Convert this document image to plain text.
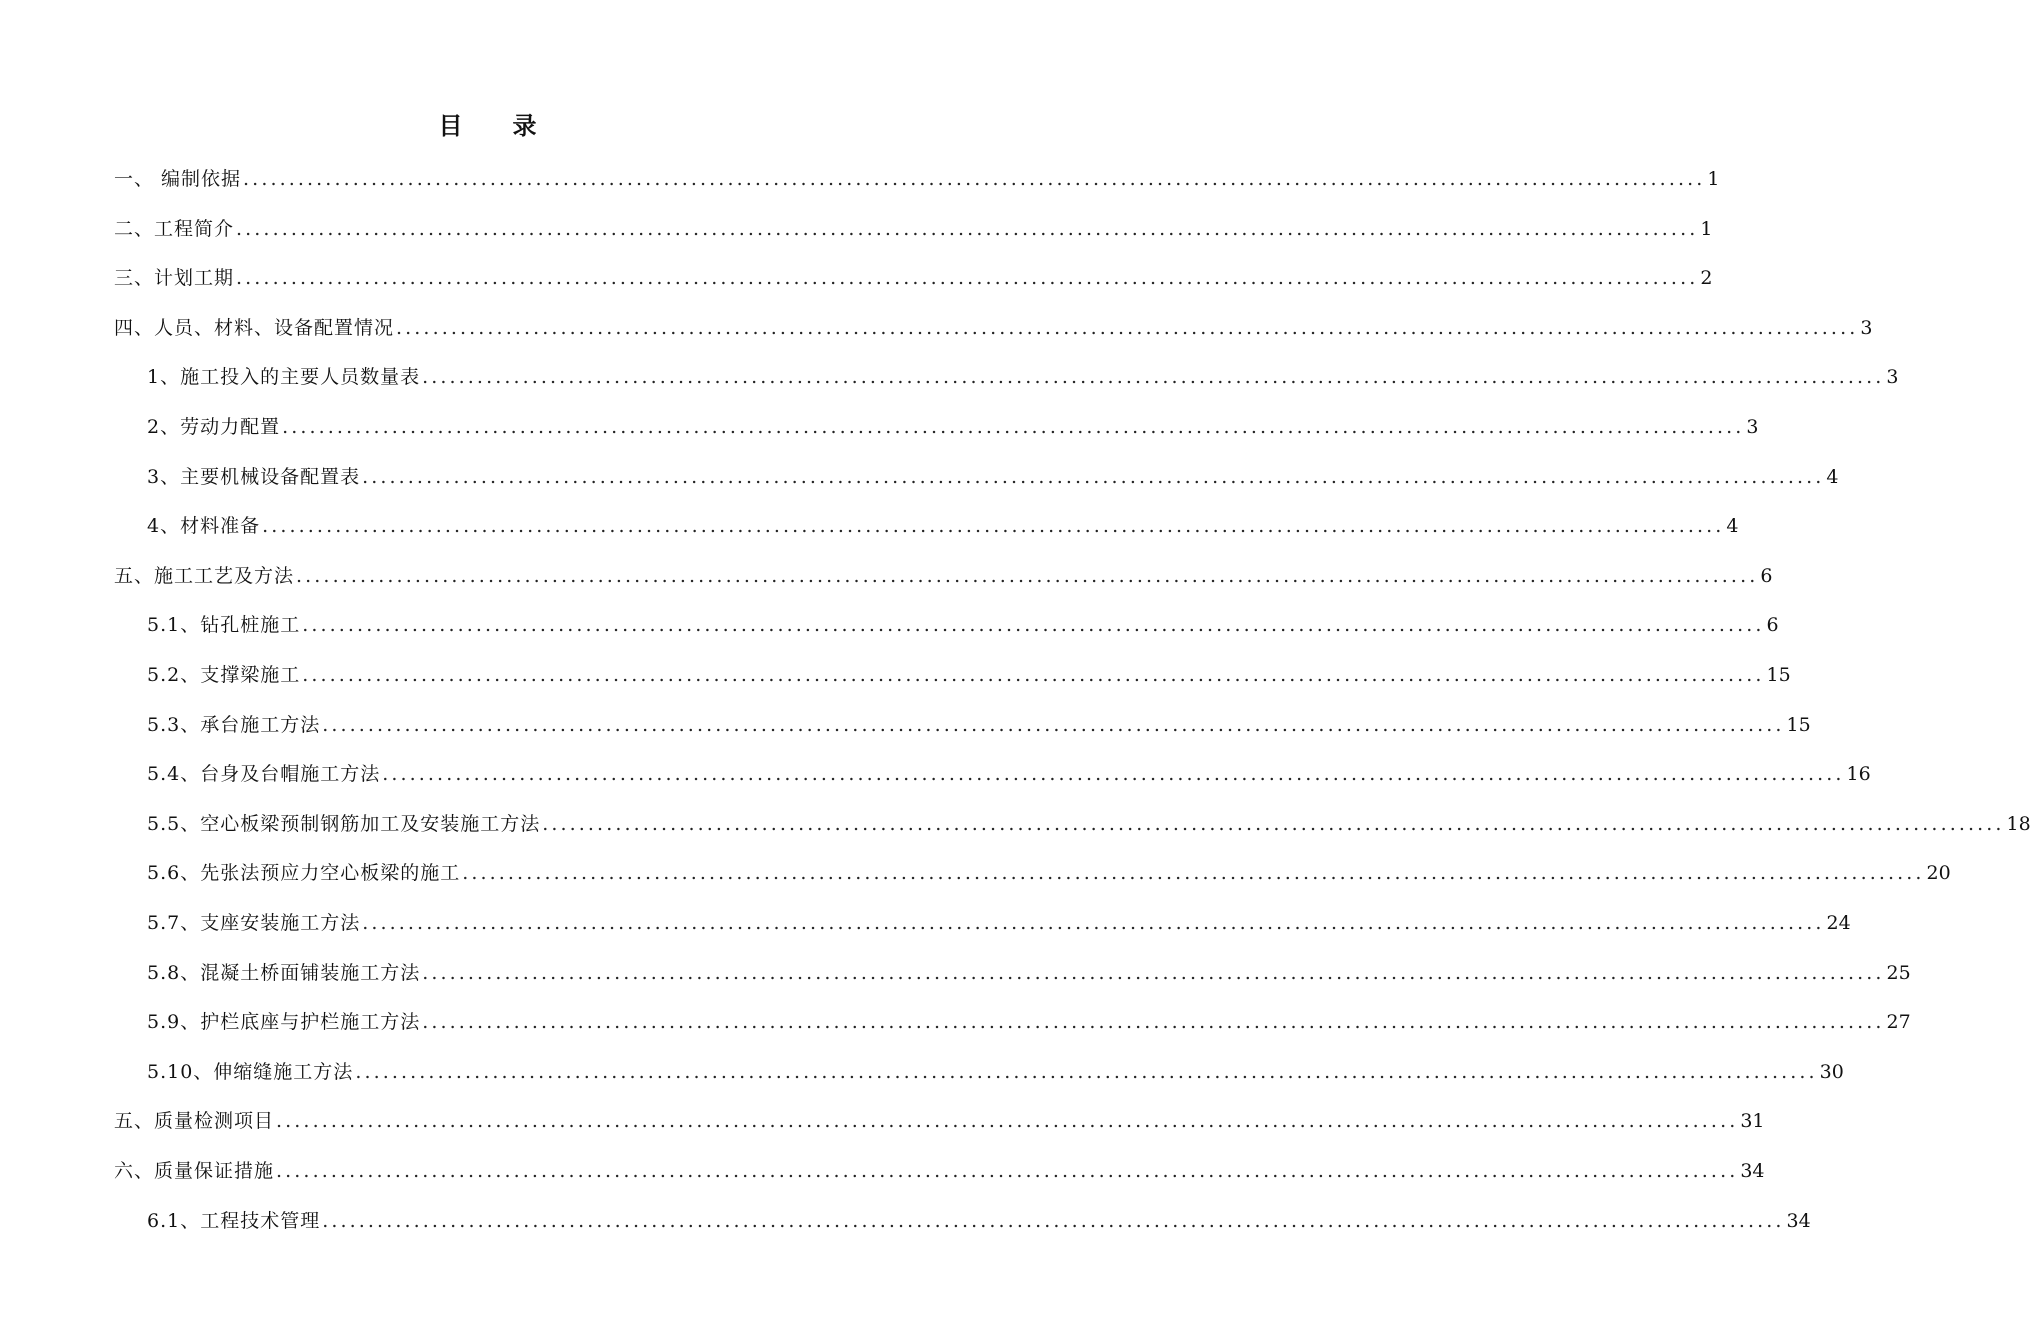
目 录
一、 编制依据 ................................................................................................................................................................ 1
二、工程简介 ................................................................................................................................................................ 1
三、计划工期 ................................................................................................................................................................ 2
四、人员、材料、设备配置情况 ................................................................................................................................................................ 3
1、施工投入的主要人员数量表 ................................................................................................................................................................ 3
2、劳动力配置 ................................................................................................................................................................ 3
3、主要机械设备配置表 ................................................................................................................................................................ 4
4、材料准备 ................................................................................................................................................................ 4
五、施工工艺及方法 ................................................................................................................................................................ 6
5.1、钻孔桩施工 ................................................................................................................................................................ 6
5.2、支撑梁施工 ................................................................................................................................................................ 15
5.3、承台施工方法 ................................................................................................................................................................ 15
5.4、台身及台帽施工方法 ................................................................................................................................................................ 16
5.5、空心板梁预制钢筋加工及安装施工方法 ................................................................................................................................................................ 18
5.6、先张法预应力空心板梁的施工 ................................................................................................................................................................ 20
5.7、支座安装施工方法 ................................................................................................................................................................ 24
5.8、混凝土桥面铺装施工方法 ................................................................................................................................................................ 25
5.9、护栏底座与护栏施工方法 ................................................................................................................................................................ 27
5.10、伸缩缝施工方法 ................................................................................................................................................................ 30
五、质量检测项目 ................................................................................................................................................................ 31
六、质量保证措施 ................................................................................................................................................................ 34
6.1、工程技术管理 ................................................................................................................................................................ 34
